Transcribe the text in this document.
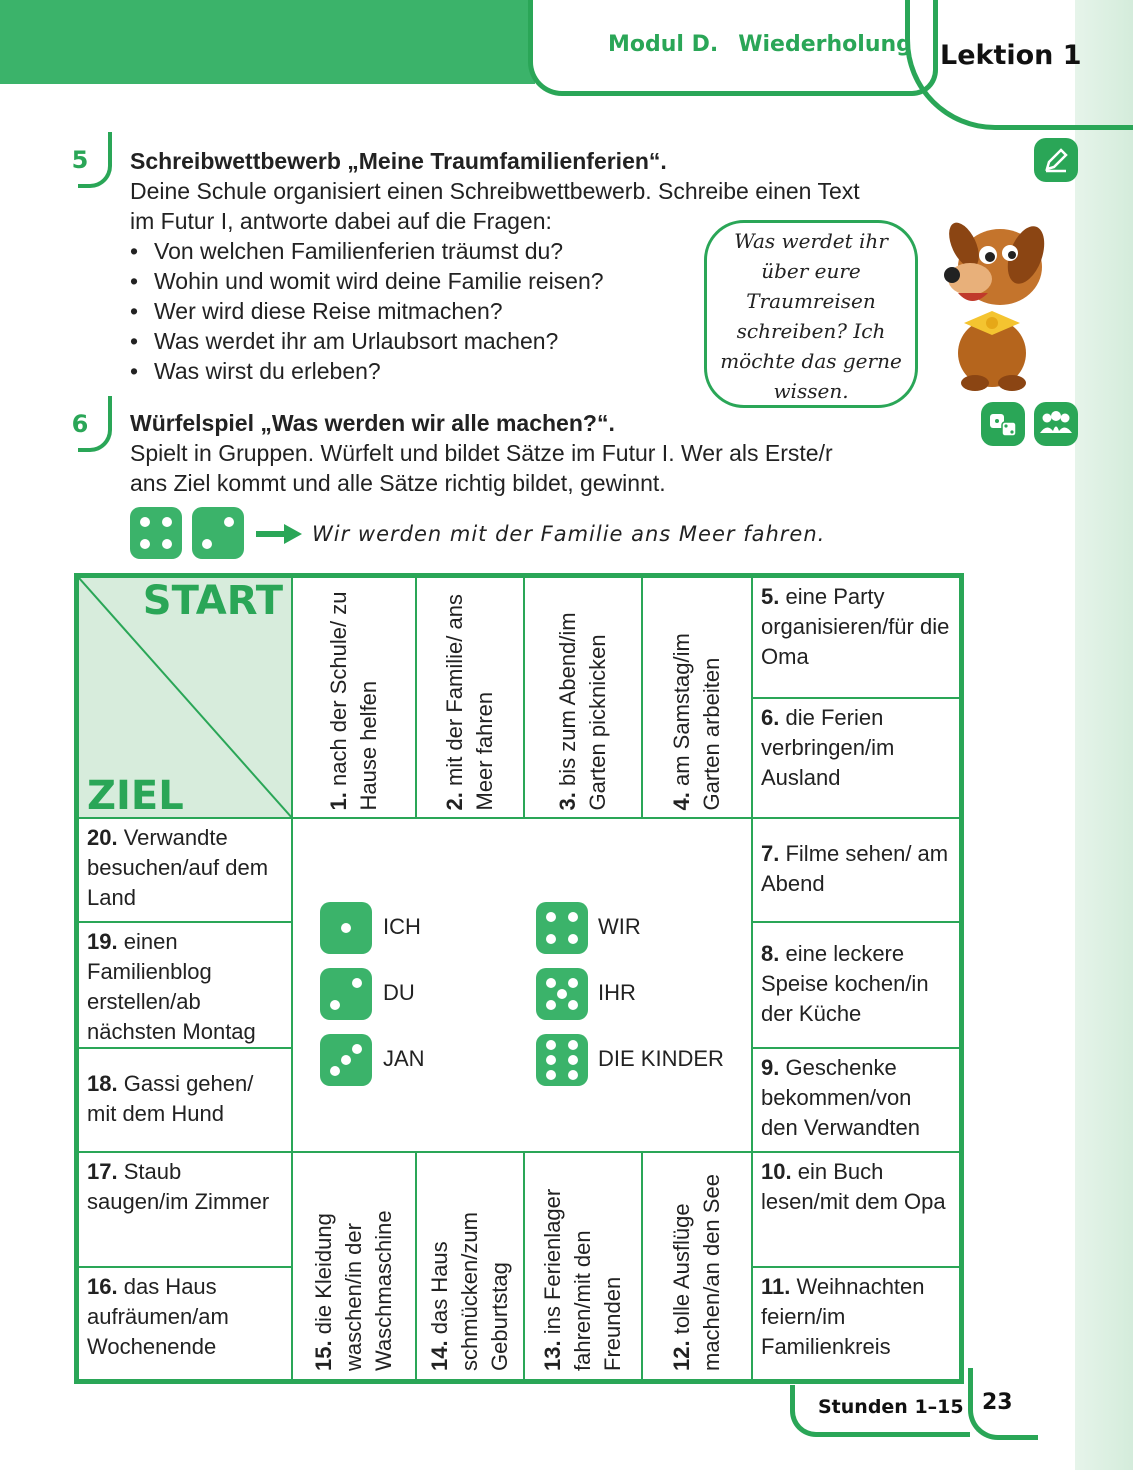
Modul D. Wiederholung	Lektion 1
5	Schreibwettbewerb „Meine Traumfamilienferien“.
Deine Schule organisiert einen Schreibwettbewerb. Schreibe einen Text
im Futur I, antworte dabei auf die Fragen:
• Von welchen Familienferien träumst du?
• Wohin und womit wird deine Familie reisen?
• Wer wird diese Reise mitmachen?
• Was werdet ihr am Urlaubsort machen?
• Was wirst du erleben?
Was werdet ihr über eure Traumreisen schreiben? Ich möchte das gerne wissen.
6	Würfelspiel „Was werden wir alle machen?“.
Spielt in Gruppen. Würfelt und bildet Sätze im Futur I. Wer als Erste/r
ans Ziel kommt und alle Sätze richtig bildet, gewinnt.
Wir werden mit der Familie ans Meer fahren.
START
ZIEL	1. nach der Schule/ zu Hause helfen	2. mit der Familie/ ans Meer fahren	3. bis zum Abend/im Garten picknicken	4. am Samstag/im Garten arbeiten
5. eine Party organisieren/für die Oma
6. die Ferien verbringen/im Ausland
7. Filme sehen/ am Abend
8. eine leckere Speise kochen/in der Küche
9. Geschenke bekommen/von den Verwandten
10. ein Buch lesen/mit dem Opa
11. Weihnachten feiern/im Familienkreis
12. tolle Ausflüge machen/an den See
13. ins Ferienlager fahren/mit den Freunden
14. das Haus schmücken/zum Geburtstag
15. die Kleidung waschen/in der Waschmaschine
16. das Haus aufräumen/am Wochenende
17. Staub saugen/im Zimmer
18. Gassi gehen/ mit dem Hund
19. einen Familienblog erstellen/ab nächsten Montag
20. Verwandte besuchen/auf dem Land
ICH
DU
JAN
WIR
IHR
DIE KINDER
Stunden 1–15 23
